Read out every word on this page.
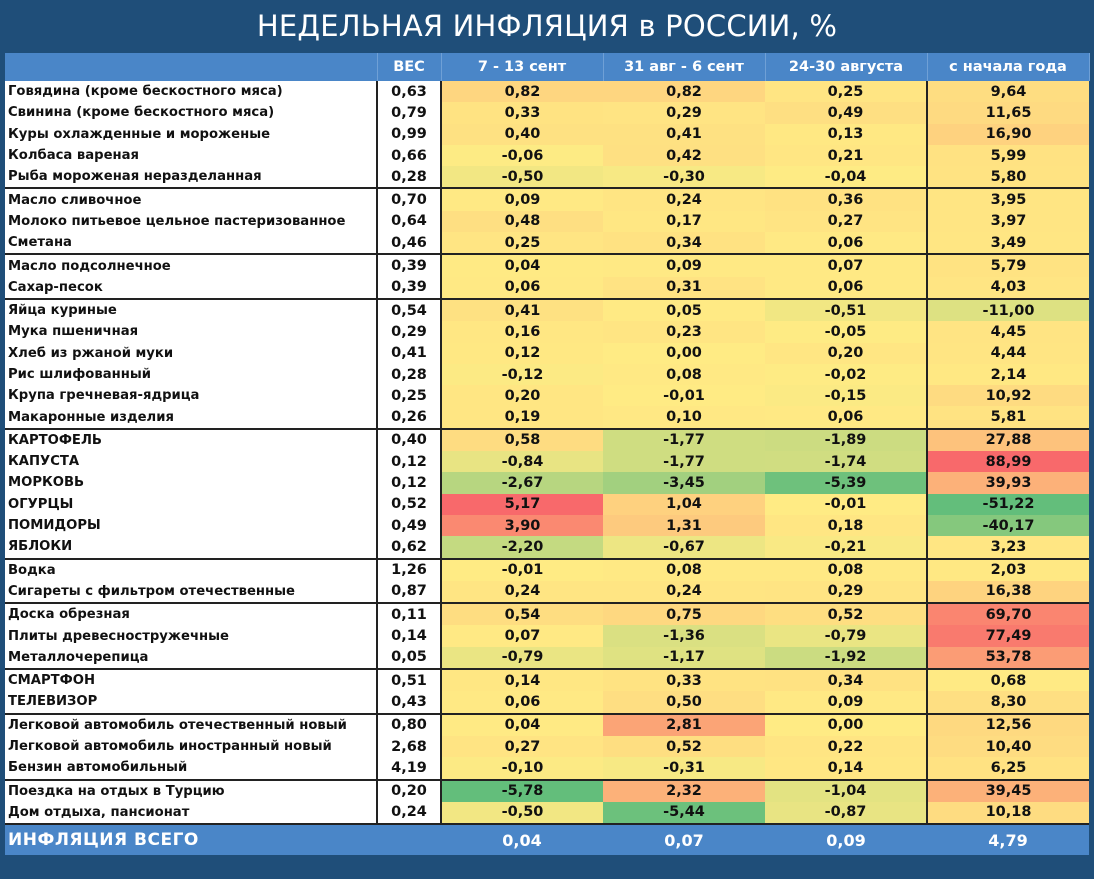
НЕДЕЛЬНАЯ ИНФЛЯЦИЯ в РОССИИ, %
	ВЕС	7 - 13 сент	31 авг - 6 сент	24-30 августа	с начала года
Говядина (кроме бескостного мяса)	0,63	0,82	0,82	0,25	9,64
Свинина (кроме бескостного мяса)	0,79	0,33	0,29	0,49	11,65
Куры охлажденные и мороженые	0,99	0,40	0,41	0,13	16,90
Колбаса вареная	0,66	-0,06	0,42	0,21	5,99
Рыба мороженая неразделанная	0,28	-0,50	-0,30	-0,04	5,80
Масло сливочное	0,70	0,09	0,24	0,36	3,95
Молоко питьевое цельное пастеризованное	0,64	0,48	0,17	0,27	3,97
Сметана	0,46	0,25	0,34	0,06	3,49
Масло подсолнечное	0,39	0,04	0,09	0,07	5,79
Сахар-песок	0,39	0,06	0,31	0,06	4,03
Яйца куриные	0,54	0,41	0,05	-0,51	-11,00
Мука пшеничная	0,29	0,16	0,23	-0,05	4,45
Хлеб из ржаной муки	0,41	0,12	0,00	0,20	4,44
Рис шлифованный	0,28	-0,12	0,08	-0,02	2,14
Крупа гречневая-ядрица	0,25	0,20	-0,01	-0,15	10,92
Макаронные изделия	0,26	0,19	0,10	0,06	5,81
КАРТОФЕЛЬ	0,40	0,58	-1,77	-1,89	27,88
КАПУСТА	0,12	-0,84	-1,77	-1,74	88,99
МОРКОВЬ	0,12	-2,67	-3,45	-5,39	39,93
ОГУРЦЫ	0,52	5,17	1,04	-0,01	-51,22
ПОМИДОРЫ	0,49	3,90	1,31	0,18	-40,17
ЯБЛОКИ	0,62	-2,20	-0,67	-0,21	3,23
Водка	1,26	-0,01	0,08	0,08	2,03
Сигареты с фильтром отечественные	0,87	0,24	0,24	0,29	16,38
Доска обрезная	0,11	0,54	0,75	0,52	69,70
Плиты древесностружечные	0,14	0,07	-1,36	-0,79	77,49
Металлочерепица	0,05	-0,79	-1,17	-1,92	53,78
СМАРТФОН	0,51	0,14	0,33	0,34	0,68
ТЕЛЕВИЗОР	0,43	0,06	0,50	0,09	8,30
Легковой автомобиль отечественный новый	0,80	0,04	2,81	0,00	12,56
Легковой автомобиль иностранный новый	2,68	0,27	0,52	0,22	10,40
Бензин автомобильный	4,19	-0,10	-0,31	0,14	6,25
Поездка на отдых в Турцию	0,20	-5,78	2,32	-1,04	39,45
Дом отдыха, пансионат	0,24	-0,50	-5,44	-0,87	10,18
ИНФЛЯЦИЯ ВСЕГО		0,04	0,07	0,09	4,79
